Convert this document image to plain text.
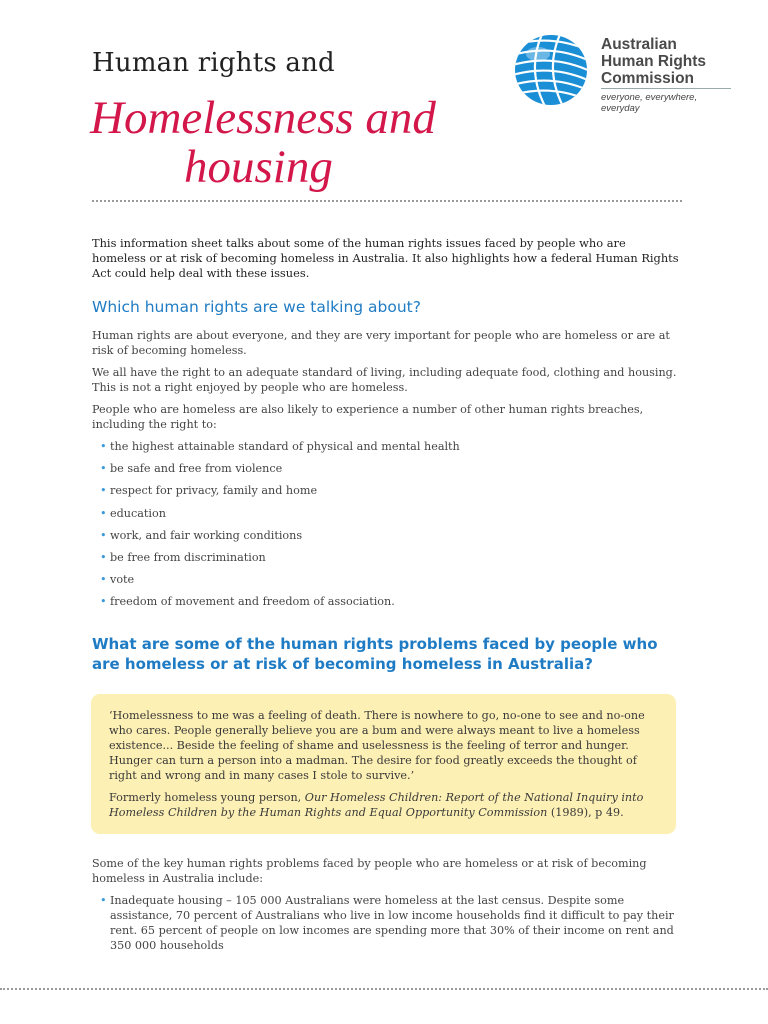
Human rights and
Homelessness and
housing
Australian
Human Rights
Commission
everyone, everywhere, everyday

This information sheet talks about some of the human rights issues faced by people who are homeless or at risk of becoming homeless in Australia. It also highlights how a federal Human Rights Act could help deal with these issues.

Which human rights are we talking about?

Human rights are about everyone, and they are very important for people who are homeless or are at risk of becoming homeless.

We all have the right to an adequate standard of living, including adequate food, clothing and housing. This is not a right enjoyed by people who are homeless.

People who are homeless are also likely to experience a number of other human rights breaches, including the right to:

• the highest attainable standard of physical and mental health
• be safe and free from violence
• respect for privacy, family and home
• education
• work, and fair working conditions
• be free from discrimination
• vote
• freedom of movement and freedom of association.
What are some of the human rights problems faced by people who are homeless or at risk of becoming homeless in Australia?

‘Homelessness to me was a feeling of death. There is nowhere to go, no-one to see and no-one who cares. People generally believe you are a bum and were always meant to live a homeless existence... Beside the feeling of shame and uselessness is the feeling of terror and hunger. Hunger can turn a person into a madman. The desire for food greatly exceeds the thought of right and wrong and in many cases I stole to survive.’

Formerly homeless young person, Our Homeless Children: Report of the National Inquiry into Homeless Children by the Human Rights and Equal Opportunity Commission (1989), p 49.

Some of the key human rights problems faced by people who are homeless or at risk of becoming homeless in Australia include:

• Inadequate housing – 105 000 Australians were homeless at the last census. Despite some assistance, 70 percent of Australians who live in low income households find it difficult to pay their rent. 65 percent of people on low incomes are spending more that 30% of their income on rent and 350 000 households
